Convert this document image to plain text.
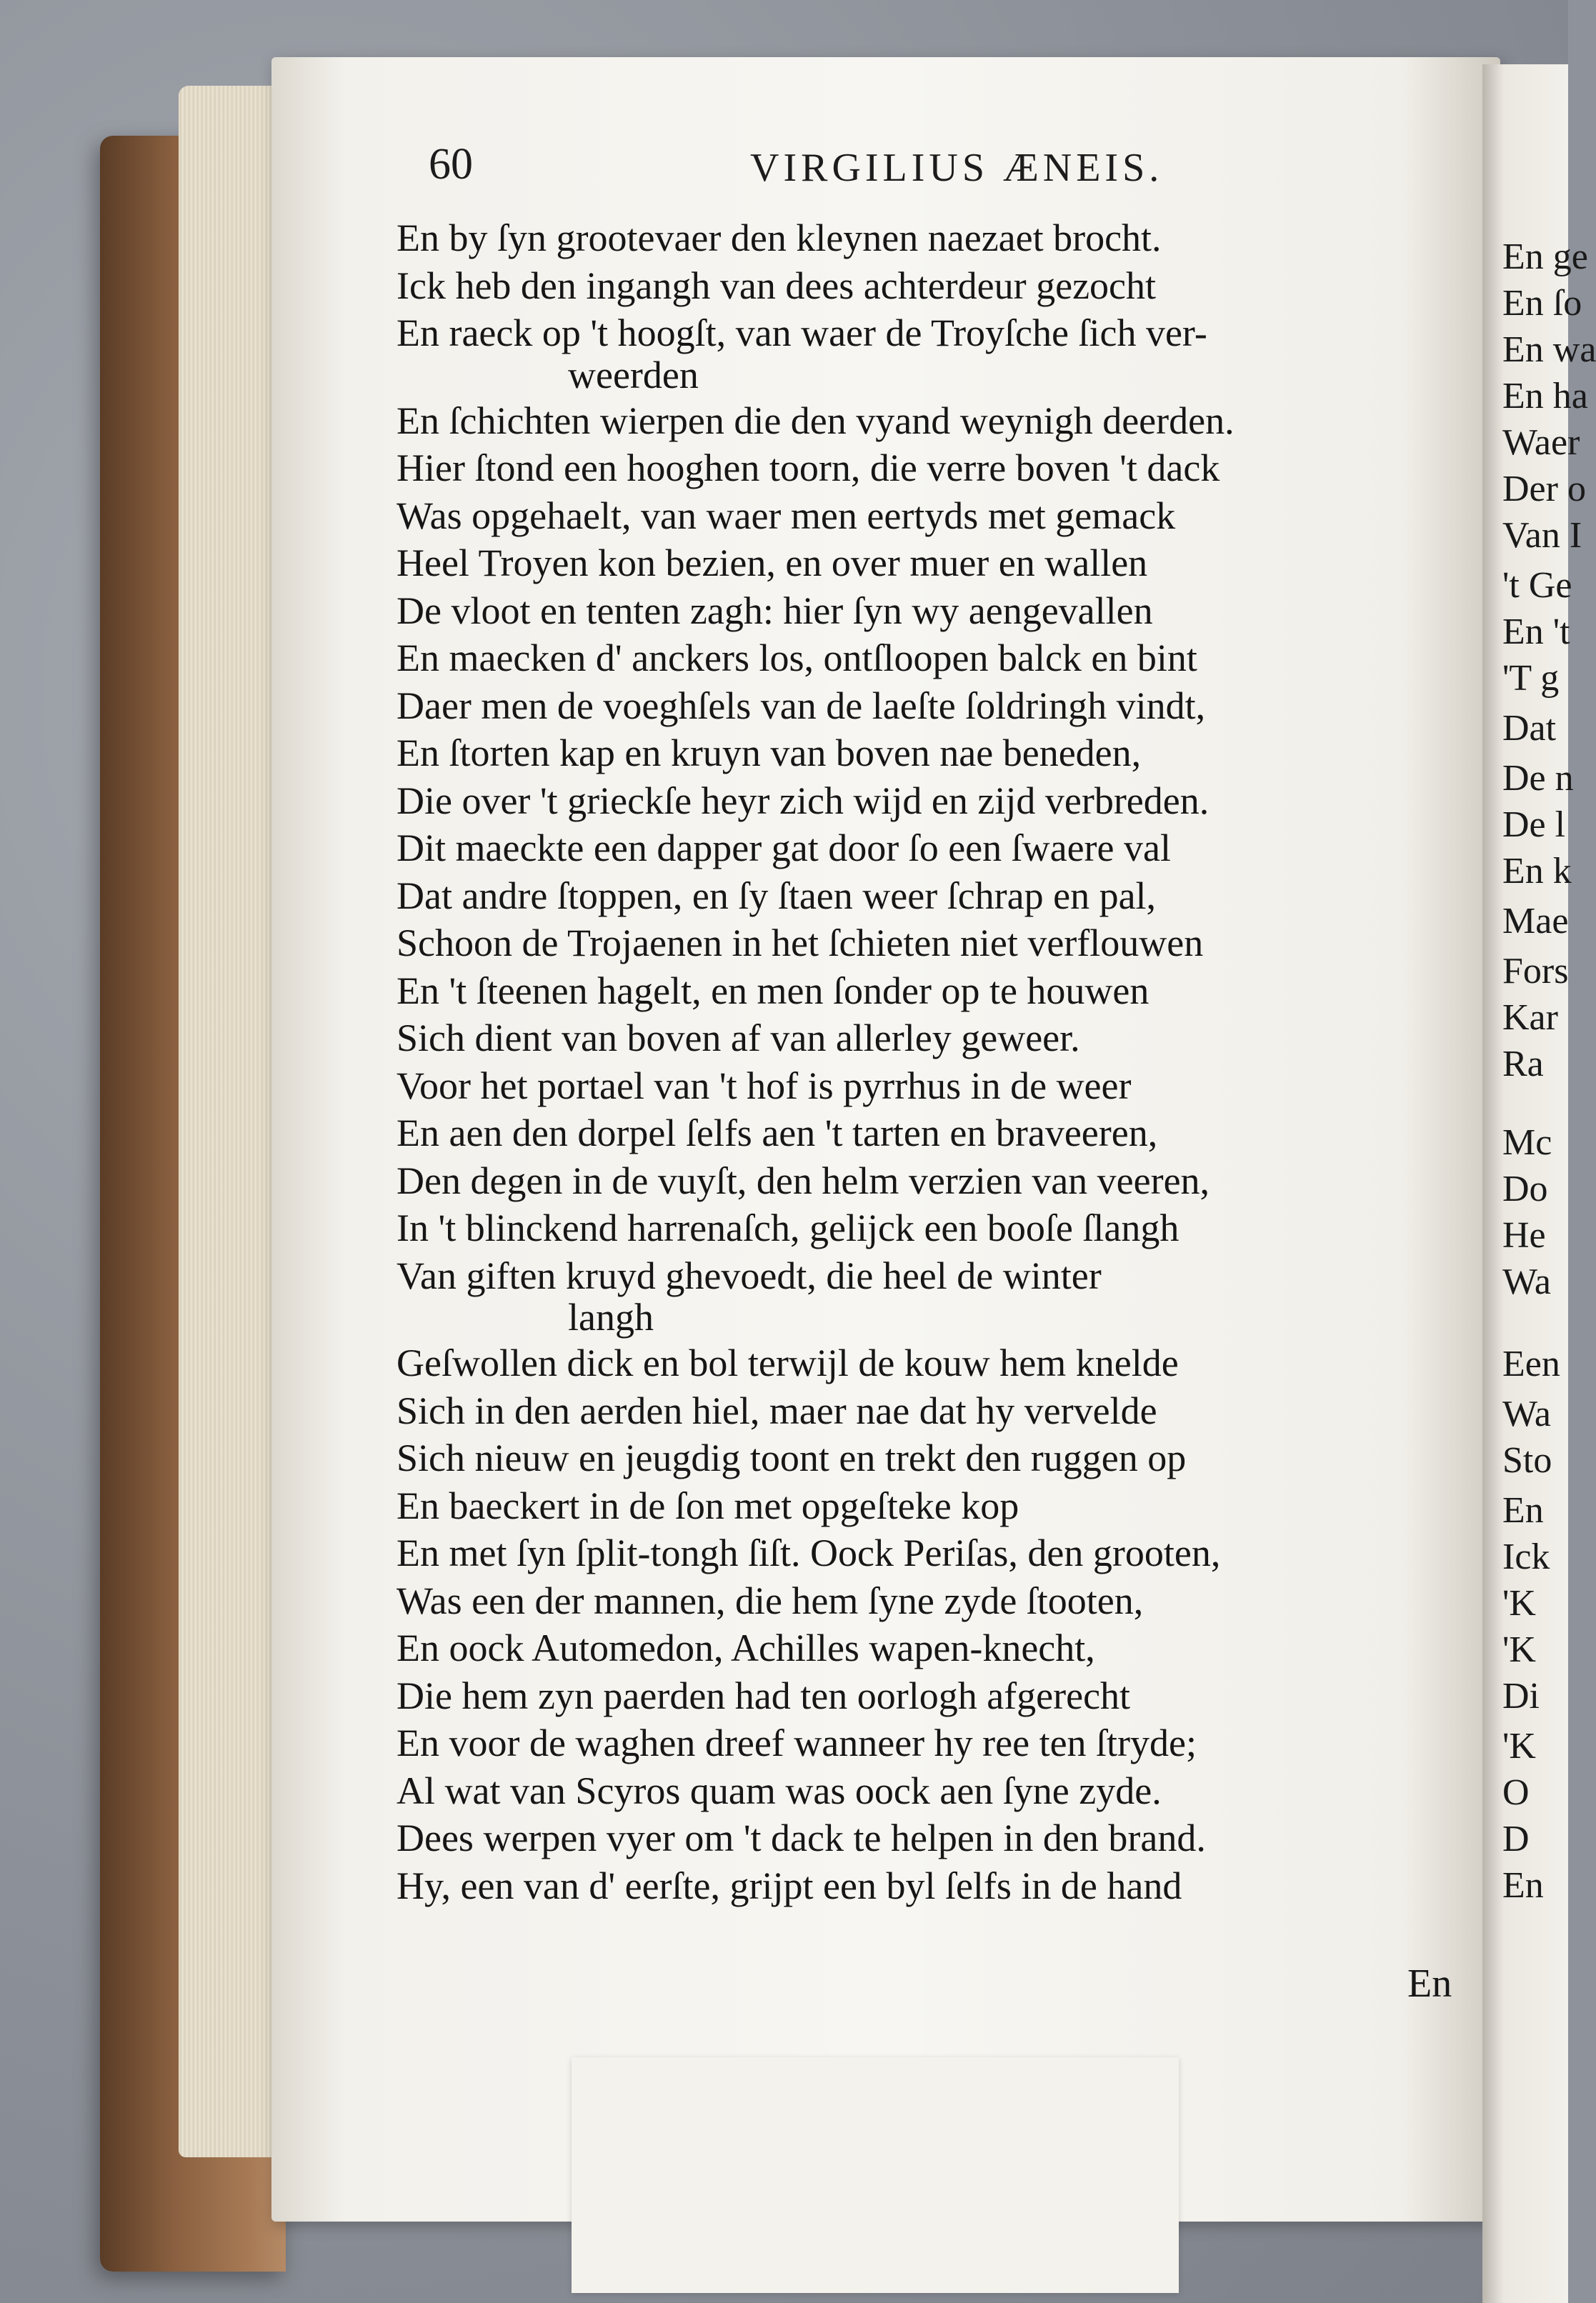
En ge
En ſo
En wa
En ha
Waer
Der o
Van I
't Ge
En 't
'T g
Dat
De n
De l
En k
Mae
Fors
Kar
Ra
Mc
Do
He
Wa
Een
Wa
Sto
En
Ick
'K
'K
Di
'K
O
D
En
60	VIRGILIUS ÆNEIS.
En by ſyn grootevaer den kleynen naezaet brocht.
Ick heb den ingangh van dees achterdeur gezocht
En raeck op 't hoogſt, van waer de Troyſche ſich ver-
weerden
En ſchichten wierpen die den vyand weynigh deerden.
Hier ſtond een hooghen toorn, die verre boven 't dack
Was opgehaelt, van waer men eertyds met gemack
Heel Troyen kon bezien, en over muer en wallen
De vloot en tenten zagh: hier ſyn wy aengevallen
En maecken d' anckers los, ontſloopen balck en bint
Daer men de voeghſels van de laeſte ſoldringh vindt,
En ſtorten kap en kruyn van boven nae beneden,
Die over 't grieckſe heyr zich wijd en zijd verbreden.
Dit maeckte een dapper gat door ſo een ſwaere val
Dat andre ſtoppen, en ſy ſtaen weer ſchrap en pal,
Schoon de Trojaenen in het ſchieten niet verflouwen
En 't ſteenen hagelt, en men ſonder op te houwen
Sich dient van boven af van allerley geweer.
Voor het portael van 't hof is pyrrhus in de weer
En aen den dorpel ſelfs aen 't tarten en braveeren,
Den degen in de vuyſt, den helm verzien van veeren,
In 't blinckend harrenaſch, gelijck een booſe ſlangh
Van giften kruyd ghevoedt, die heel de winter
langh
Geſwollen dick en bol terwijl de kouw hem knelde
Sich in den aerden hiel, maer nae dat hy vervelde
Sich nieuw en jeugdig toont en trekt den ruggen op
En baeckert in de ſon met opgeſteke kop
En met ſyn ſplit-tongh ſiſt. Oock Periſas, den grooten,
Was een der mannen, die hem ſyne zyde ſtooten,
En oock Automedon, Achilles wapen-knecht,
Die hem zyn paerden had ten oorlogh afgerecht
En voor de waghen dreef wanneer hy ree ten ſtryde;
Al wat van Scyros quam was oock aen ſyne zyde.
Dees werpen vyer om 't dack te helpen in den brand.
Hy, een van d' eerſte, grijpt een byl ſelfs in de hand
En
